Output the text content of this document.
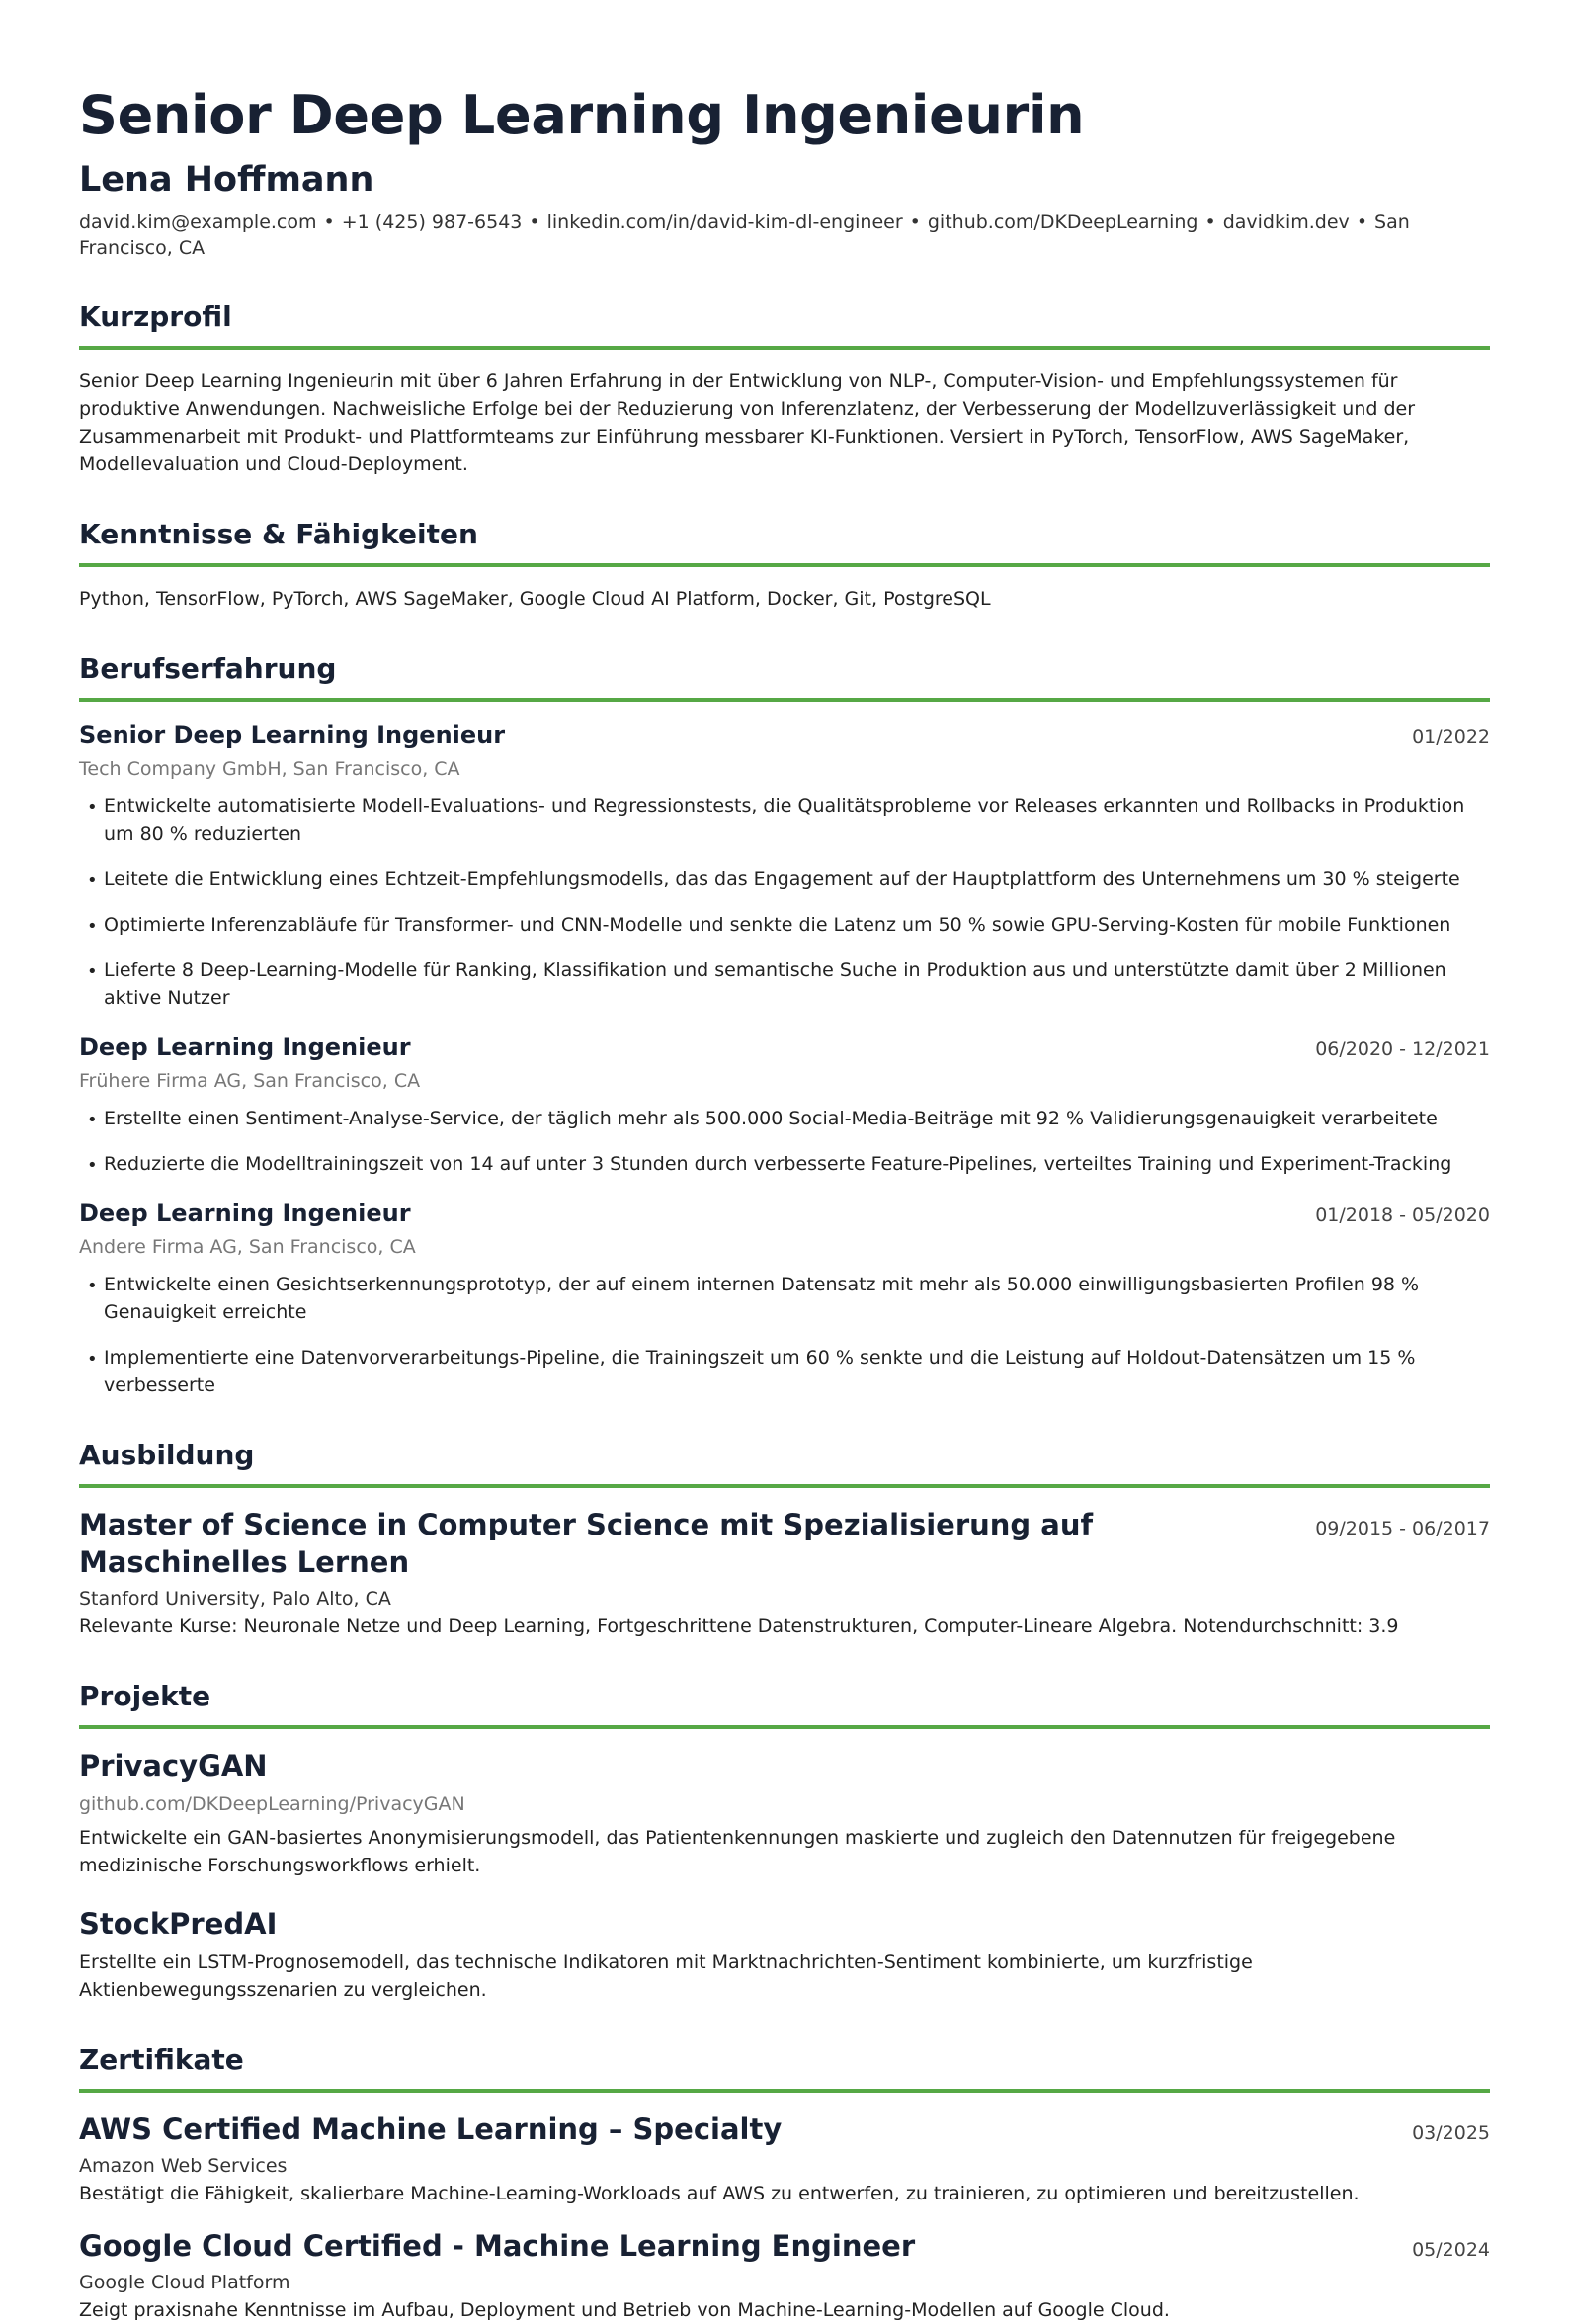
Senior Deep Learning Ingenieurin
Lena Hoffmann
david.kim@example.com • +1 (425) 987-6543 • linkedin.com/in/david-kim-dl-engineer • github.com/DKDeepLearning • davidkim.dev • San Francisco, CA
Kurzprofil
Senior Deep Learning Ingenieurin mit über 6 Jahren Erfahrung in der Entwicklung von NLP-, Computer-Vision- und Empfehlungssystemen für produktive Anwendungen. Nachweisliche Erfolge bei der Reduzierung von Inferenzlatenz, der Verbesserung der Modellzuverlässigkeit und der Zusammenarbeit mit Produkt- und Plattformteams zur Einführung messbarer KI-Funktionen. Versiert in PyTorch, TensorFlow, AWS SageMaker, Modellevaluation und Cloud-Deployment.
Kenntnisse & Fähigkeiten
Python, TensorFlow, PyTorch, AWS SageMaker, Google Cloud AI Platform, Docker, Git, PostgreSQL
Berufserfahrung
Senior Deep Learning Ingenieur	01/2022
Tech Company GmbH, San Francisco, CA
• Entwickelte automatisierte Modell-Evaluations- und Regressionstests, die Qualitätsprobleme vor Releases erkannten und Rollbacks in Produktion um 80 % reduzierten
• Leitete die Entwicklung eines Echtzeit-Empfehlungsmodells, das das Engagement auf der Hauptplattform des Unternehmens um 30 % steigerte
• Optimierte Inferenzabläufe für Transformer- und CNN-Modelle und senkte die Latenz um 50 % sowie GPU-Serving-Kosten für mobile Funktionen
• Lieferte 8 Deep-Learning-Modelle für Ranking, Klassifikation und semantische Suche in Produktion aus und unterstützte damit über 2 Millionen aktive Nutzer
Deep Learning Ingenieur	06/2020 - 12/2021
Frühere Firma AG, San Francisco, CA
• Erstellte einen Sentiment-Analyse-Service, der täglich mehr als 500.000 Social-Media-Beiträge mit 92 % Validierungsgenauigkeit verarbeitete
• Reduzierte die Modelltrainingszeit von 14 auf unter 3 Stunden durch verbesserte Feature-Pipelines, verteiltes Training und Experiment-Tracking
Deep Learning Ingenieur	01/2018 - 05/2020
Andere Firma AG, San Francisco, CA
• Entwickelte einen Gesichtserkennungsprototyp, der auf einem internen Datensatz mit mehr als 50.000 einwilligungsbasierten Profilen 98 % Genauigkeit erreichte
• Implementierte eine Datenvorverarbeitungs-Pipeline, die Trainingszeit um 60 % senkte und die Leistung auf Holdout-Datensätzen um 15 % verbesserte
Ausbildung
Master of Science in Computer Science mit Spezialisierung auf Maschinelles Lernen
09/2015 - 06/2017
Stanford University, Palo Alto, CA
Relevante Kurse: Neuronale Netze und Deep Learning, Fortgeschrittene Datenstrukturen, Computer-Lineare Algebra. Notendurchschnitt: 3.9
Projekte
PrivacyGAN
github.com/DKDeepLearning/PrivacyGAN
Entwickelte ein GAN-basiertes Anonymisierungsmodell, das Patientenkennungen maskierte und zugleich den Datennutzen für freigegebene medizinische Forschungsworkflows erhielt.
StockPredAI
Erstellte ein LSTM-Prognosemodell, das technische Indikatoren mit Marktnachrichten-Sentiment kombinierte, um kurzfristige Aktienbewegungsszenarien zu vergleichen.
Zertifikate
AWS Certified Machine Learning – Specialty	03/2025
Amazon Web Services
Bestätigt die Fähigkeit, skalierbare Machine-Learning-Workloads auf AWS zu entwerfen, zu trainieren, zu optimieren und bereitzustellen.
Google Cloud Certified - Machine Learning Engineer	05/2024
Google Cloud Platform
Zeigt praxisnahe Kenntnisse im Aufbau, Deployment und Betrieb von Machine-Learning-Modellen auf Google Cloud.
